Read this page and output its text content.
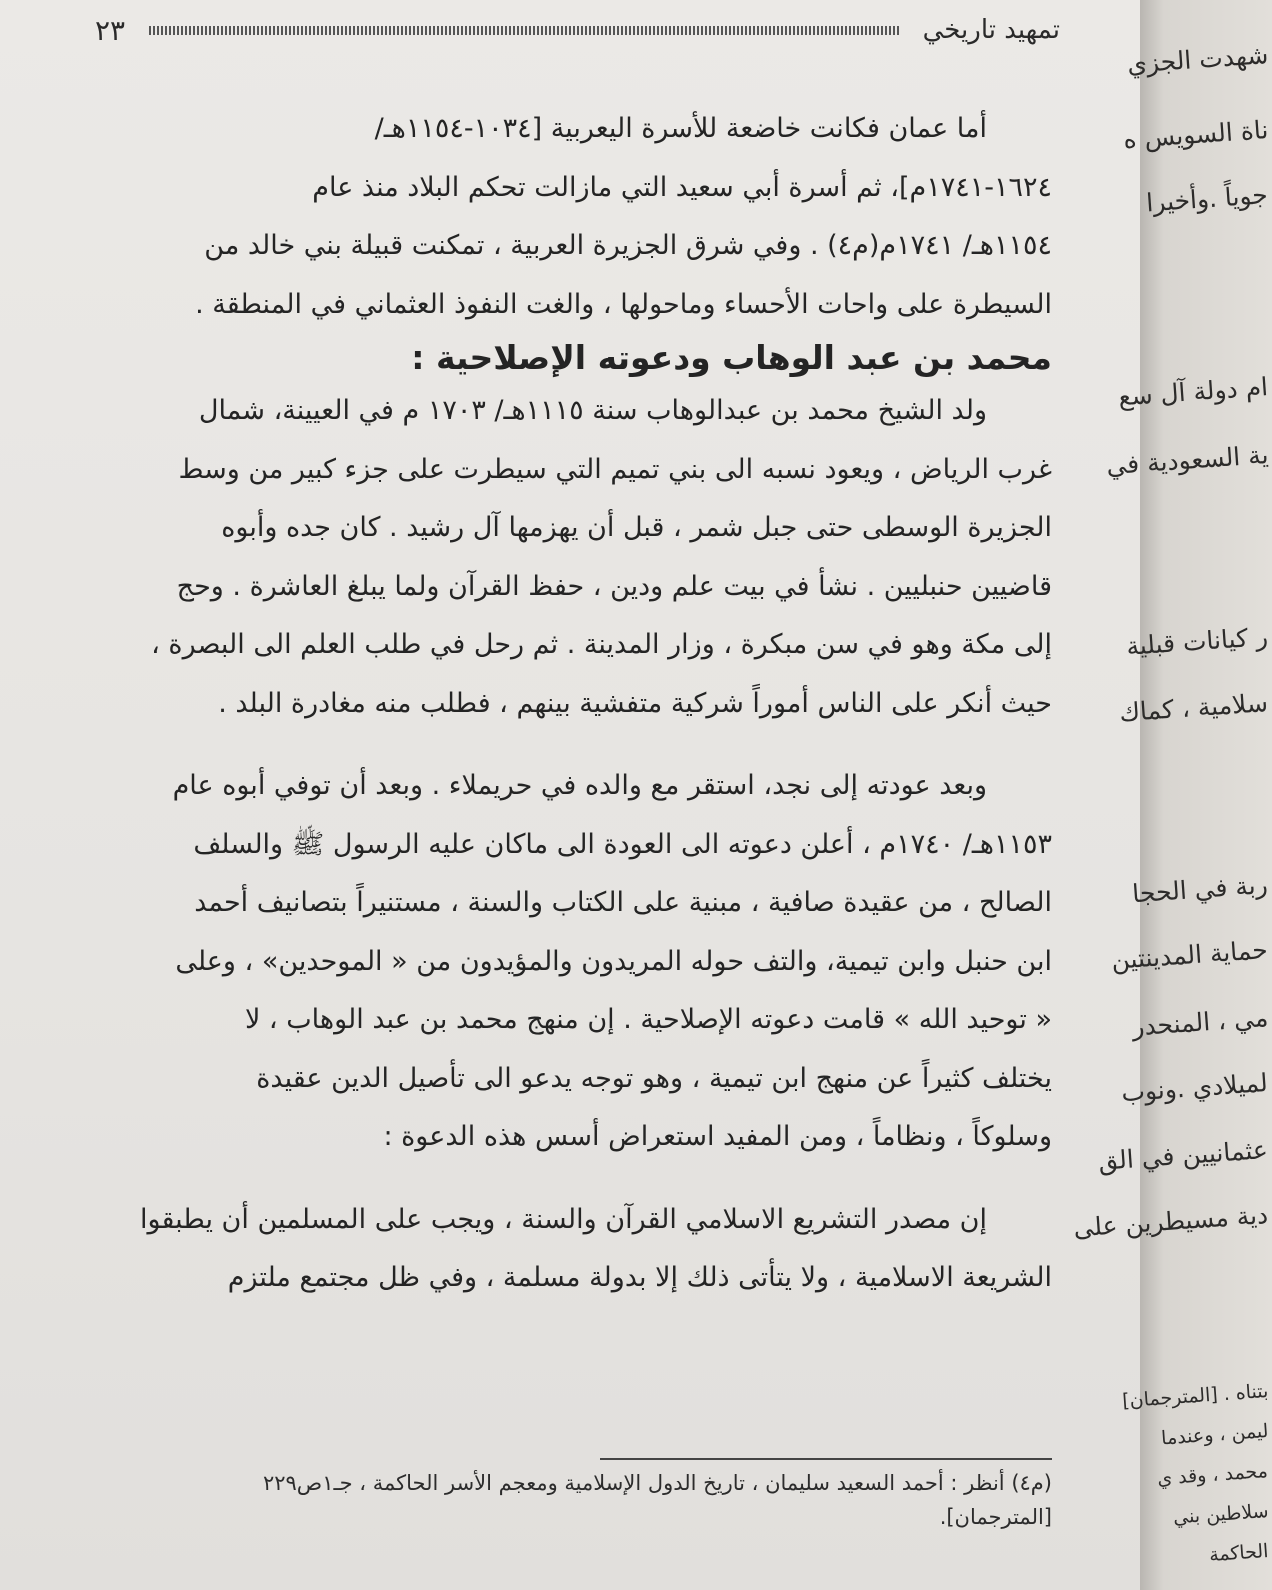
تمهيد تاريخي
٢٣

أما عمان فكانت خاضعة للأسرة اليعربية [١٠٣٤-١١٥٤هـ/

١٦٢٤-١٧٤١م]، ثم أسرة أبي سعيد التي مازالت تحكم البلاد منذ عام

١١٥٤هـ/ ١٧٤١م(م٤) . وفي شرق الجزيرة العربية ، تمكنت قبيلة بني خالد من

السيطرة على واحات الأحساء وماحولها ، والغت النفوذ العثماني في المنطقة .

محمد بن عبد الوهاب ودعوته الإصلاحية :

ولد الشيخ محمد بن عبدالوهاب سنة ١١١٥هـ/ ١٧٠٣ م في العيينة، شمال

غرب الرياض ، ويعود نسبه الى بني تميم التي سيطرت على جزء كبير من وسط

الجزيرة الوسطى حتى جبل شمر ، قبل أن يهزمها آل رشيد . كان جده وأبوه

قاضيين حنبليين . نشأ في بيت علم ودين ، حفظ القرآن ولما يبلغ العاشرة . وحج

إلى مكة وهو في سن مبكرة ، وزار المدينة . ثم رحل في طلب العلم الى البصرة ،

حيث أنكر على الناس أموراً شركية متفشية بينهم ، فطلب منه مغادرة البلد .

وبعد عودته إلى نجد، استقر مع والده في حريملاء . وبعد أن توفي أبوه عام

١١٥٣هـ/ ١٧٤٠م ، أعلن دعوته الى العودة الى ماكان عليه الرسول ﷺ والسلف

الصالح ، من عقيدة صافية ، مبنية على الكتاب والسنة ، مستنيراً بتصانيف أحمد

ابن حنبل وابن تيمية، والتف حوله المريدون والمؤيدون من « الموحدين» ، وعلى

« توحيد الله » قامت دعوته الإصلاحية . إن منهج محمد بن عبد الوهاب ، لا

يختلف كثيراً عن منهج ابن تيمية ، وهو توجه يدعو الى تأصيل الدين عقيدة

وسلوكاً ، ونظاماً ، ومن المفيد استعراض أسس هذه الدعوة :

إن مصدر التشريع الاسلامي القرآن والسنة ، ويجب على المسلمين أن يطبقوا

الشريعة الاسلامية ، ولا يتأتى ذلك إلا بدولة مسلمة ، وفي ظل مجتمع ملتزم

(م٤) أنظر : أحمد السعيد سليمان ، تاريخ الدول الإسلامية ومعجم الأسر الحاكمة ، جـ١ص٢٢٩

[المترجمان].

شهدت الجزي
ناة السويس ه
جوياً .وأخيرا
ام دولة آل سع
ية السعودية في
ر كيانات قبلية
سلامية ، كماك
ربة في الحجا
حماية المدينتين
مي ، المنحدر
لميلادي .ونوب
عثمانيين في الق
دية مسيطرين على
بتناه . [المترجمان]
ليمن ، وعندما
محمد ، وقد ي
سلاطين بني
الحاكمة
